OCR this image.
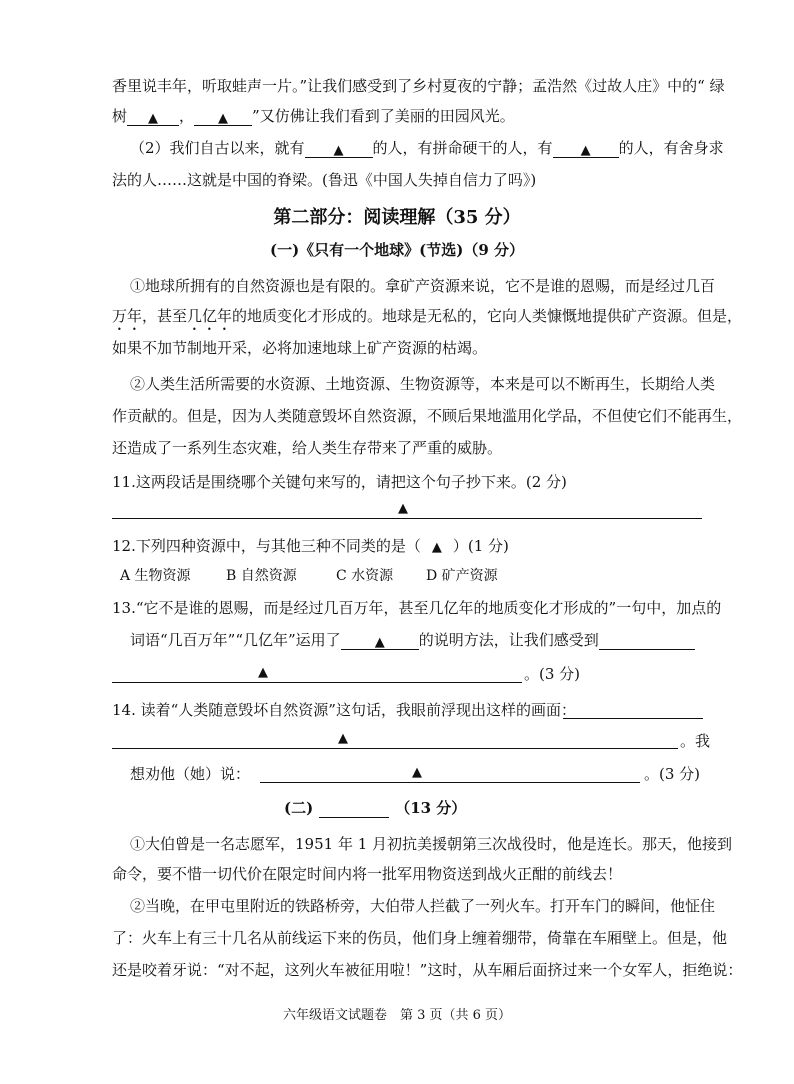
香里说丰年，听取蛙声一片。”让我们感受到了乡村夏夜的宁静；孟浩然《过故人庄》中的“ 绿
树 ▲ ， ▲ ”又仿佛让我们看到了美丽的田园风光。
（2）我们自古以来，就有 ▲ 的人，有拼命硬干的人，有 ▲ 的人，有舍身求
法的人……这就是中国的脊梁。(鲁迅《中国人失掉自信力了吗》)
第二部分：阅读理解（35 分）
(一)《只有一个地球》(节选)（9 分）
①地球所拥有的自然资源也是有限的。拿矿产资源来说，它不是谁的恩赐，而是经过几百
万年，甚至几亿年的地质变化才形成的。地球是无私的，它向人类慷慨地提供矿产资源。但是，
如果不加节制地开采，必将加速地球上矿产资源的枯竭。
②人类生活所需要的水资源、土地资源、生物资源等，本来是可以不断再生，长期给人类
作贡献的。但是，因为人类随意毁坏自然资源，不顾后果地滥用化学品，不但使它们不能再生，
还造成了一系列生态灾难，给人类生存带来了严重的威胁。
11.这两段话是围绕哪个关键句来写的，请把这个句子抄下来。(2 分)
▲
12.下列四种资源中，与其他三种不同类的是（ ▲ ）(1 分)
A 生物资源	B 自然资源	C 水资源 D 矿产资源
13.“它不是谁的恩赐，而是经过几百万年，甚至几亿年的地质变化才形成的”一句中，加点的
词语“几百万年”“几亿年”运用了	▲ 的说明方法，让我们感受到
▲	。(3 分)
14. 读着“人类随意毁坏自然资源”这句话，我眼前浮现出这样的画面：
▲	。我
想劝他（她）说：	▲	。(3 分)
(二)	（13 分）
①大伯曾是一名志愿军，1951 年 1 月初抗美援朝第三次战役时，他是连长。那天，他接到
命令，要不惜一切代价在限定时间内将一批军用物资送到战火正酣的前线去！
②当晚，在甲屯里附近的铁路桥旁，大伯带人拦截了一列火车。打开车门的瞬间，他怔住
了：火车上有三十几名从前线运下来的伤员，他们身上缠着绷带，倚靠在车厢壁上。但是，他
还是咬着牙说：“对不起，这列火车被征用啦！”这时，从车厢后面挤过来一个女军人，拒绝说：
六年级语文试题卷　第 3 页（共 6 页）
